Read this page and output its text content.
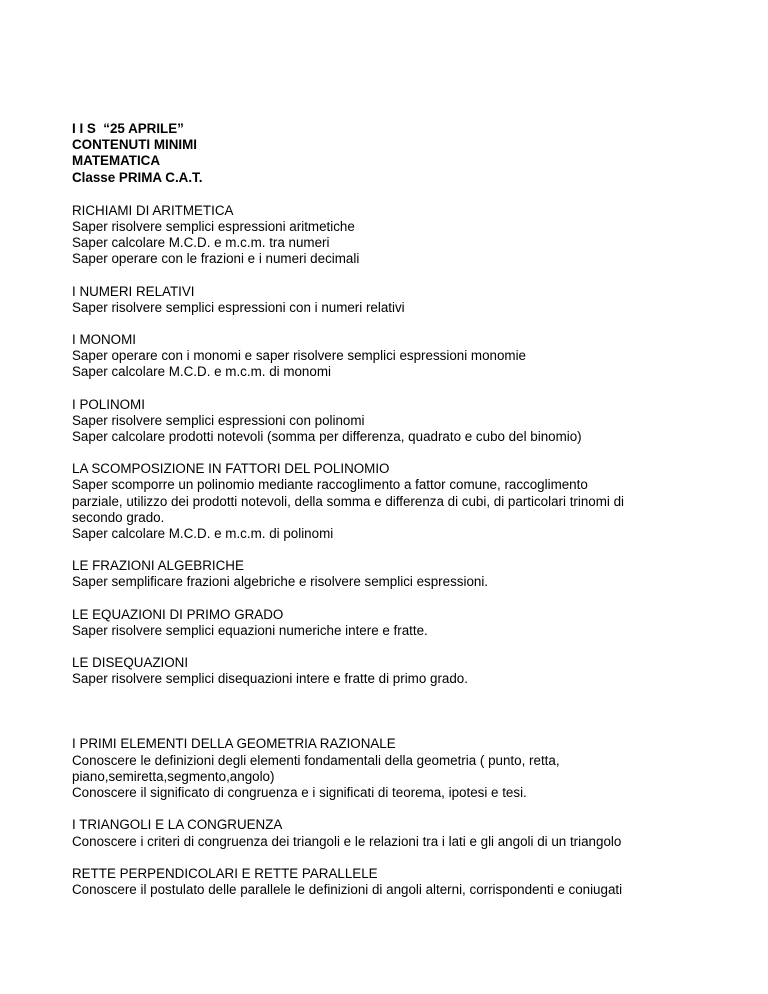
I I S  “25 APRILE”
CONTENUTI MINIMI
MATEMATICA
Classe PRIMA C.A.T.
RICHIAMI DI ARITMETICA
Saper risolvere semplici espressioni aritmetiche
Saper calcolare M.C.D. e m.c.m. tra numeri
Saper operare con le frazioni e i numeri decimali
I NUMERI RELATIVI
Saper risolvere semplici espressioni con i numeri relativi
I MONOMI
Saper operare con i monomi e saper risolvere semplici espressioni monomie
Saper calcolare M.C.D. e m.c.m. di monomi
I POLINOMI
Saper risolvere semplici espressioni con polinomi
Saper calcolare prodotti notevoli (somma per differenza, quadrato e cubo del binomio)
LA SCOMPOSIZIONE IN FATTORI DEL POLINOMIO
Saper scomporre un polinomio mediante raccoglimento a fattor comune, raccoglimento
parziale, utilizzo dei prodotti notevoli, della somma e differenza di cubi, di particolari trinomi di
secondo grado.
Saper calcolare M.C.D. e m.c.m. di polinomi
LE FRAZIONI ALGEBRICHE
Saper semplificare frazioni algebriche e risolvere semplici espressioni.
LE EQUAZIONI DI PRIMO GRADO
Saper risolvere semplici equazioni numeriche intere e fratte.
LE DISEQUAZIONI
Saper risolvere semplici disequazioni intere e fratte di primo grado.
I PRIMI ELEMENTI DELLA GEOMETRIA RAZIONALE
Conoscere le definizioni degli elementi fondamentali della geometria ( punto, retta,
piano,semiretta,segmento,angolo)
Conoscere il significato di congruenza e i significati di teorema, ipotesi e tesi.
I TRIANGOLI E LA CONGRUENZA
Conoscere i criteri di congruenza dei triangoli e le relazioni tra i lati e gli angoli di un triangolo
RETTE PERPENDICOLARI E RETTE PARALLELE
Conoscere il postulato delle parallele le definizioni di angoli alterni, corrispondenti e coniugati
